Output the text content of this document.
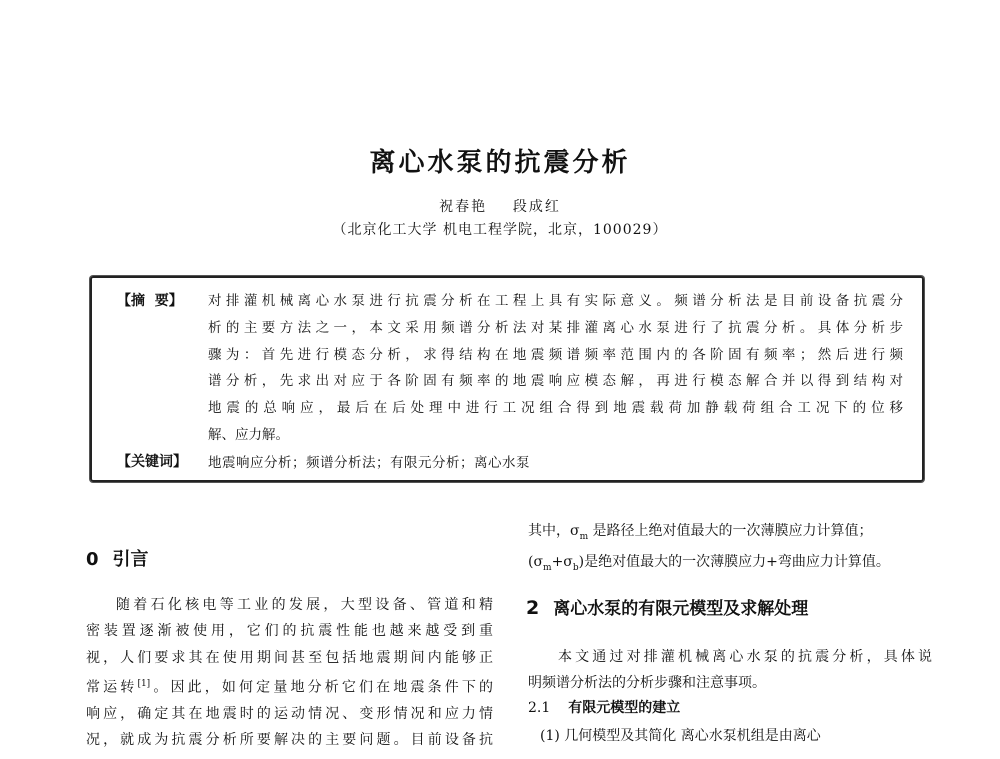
离心水泵的抗震分析
祝春艳    段成红
（北京化工大学 机电工程学院，北京，100029）
【摘  要】 对排灌机械离心水泵进行抗震分析在工程上具有实际意义。频谱分析法是目前设备抗震分
析的主要方法之一，本文采用频谱分析法对某排灌离心水泵进行了抗震分析。具体分析步
骤为：首先进行模态分析，求得结构在地震频谱频率范围内的各阶固有频率；然后进行频
谱分析，先求出对应于各阶固有频率的地震响应模态解，再进行模态解合并以得到结构对
地震的总响应，最后在后处理中进行工况组合得到地震载荷加静载荷组合工况下的位移
解、应力解。
【关键词】 地震响应分析；频谱分析法；有限元分析；离心水泵
0 引言
随着石化核电等工业的发展，大型设备、管道和精
密装置逐渐被使用，它们的抗震性能也越来越受到重
视，人们要求其在使用期间甚至包括地震期间内能够正
常运转[1]。因此，如何定量地分析它们在地震条件下的
响应，确定其在地震时的运动情况、变形情况和应力情
况，就成为抗震分析所要解决的主要问题。目前设备抗
其中，$\sigma_m$ 是路径上绝对值最大的一次薄膜应力计算值；
$(\sigma_m+\sigma_b)$是绝对值最大的一次薄膜应力+弯曲应力计算值。
2 离心水泵的有限元模型及求解处理
本文通过对排灌机械离心水泵的抗震分析，具体说
明频谱分析法的分析步骤和注意事项。
2.1 有限元模型的建立
(1) 几何模型及其简化 离心水泵机组是由离心
